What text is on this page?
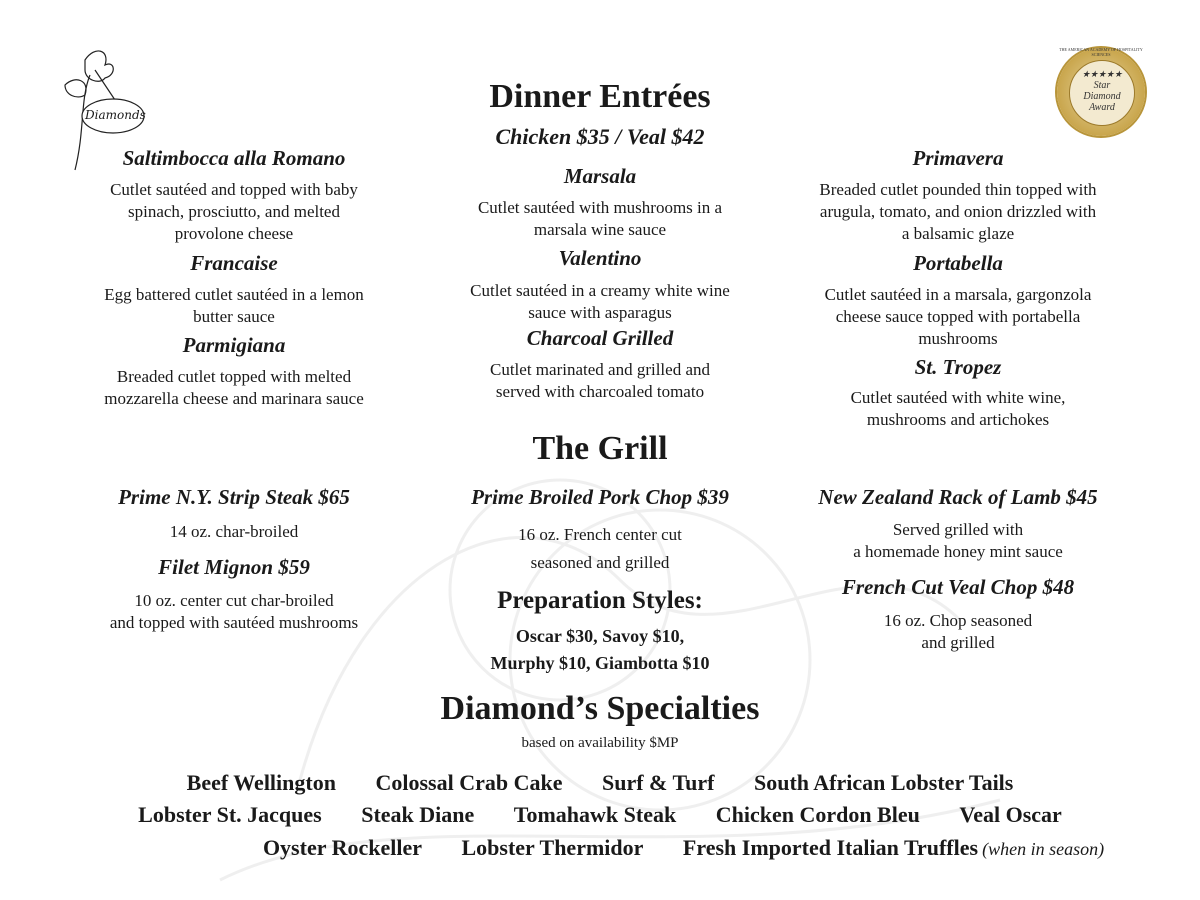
Diamonds
★★★★★
Star
Diamond
Award
THE AMERICAN ACADEMY OF HOSPITALITY SCIENCES
Dinner Entrées
Chicken $35 / Veal $42
Saltimbocca alla Romano
Cutlet sautéed and topped with baby
spinach, prosciutto, and melted
provolone cheese
Francaise
Egg battered cutlet sautéed in a lemon
butter sauce
Parmigiana
Breaded cutlet topped with melted
mozzarella cheese and marinara sauce
Marsala
Cutlet sautéed with mushrooms in a
marsala wine sauce
Valentino
Cutlet sautéed in a creamy white wine
sauce with asparagus
Charcoal Grilled
Cutlet marinated and grilled and
served with charcoaled tomato
Primavera
Breaded cutlet pounded thin topped with
arugula, tomato, and onion drizzled with
a balsamic glaze
Portabella
Cutlet sautéed in a marsala, gargonzola
cheese sauce topped with portabella
mushrooms
St. Tropez
Cutlet sautéed with white wine,
mushrooms and artichokes
The Grill
Prime N.Y. Strip Steak $65
14 oz. char-broiled
Filet Mignon $59
10 oz. center cut char-broiled
and topped with sautéed mushrooms
Prime Broiled Pork Chop $39
16 oz. French center cut
seasoned and grilled
Preparation Styles:
Oscar $30, Savoy $10,
Murphy $10, Giambotta $10
New Zealand Rack of Lamb $45
Served grilled with
a homemade honey mint sauce
French Cut Veal Chop $48
16 oz. Chop seasoned
and grilled
Diamond’s Specialties
based on availability $MP
Beef Wellington Colossal Crab Cake Surf & Turf South African Lobster Tails
Lobster St. Jacques Steak Diane Tomahawk Steak Chicken Cordon Bleu Veal Oscar
Oyster Rockeller Lobster Thermidor Fresh Imported Italian Truffles (when in season)
